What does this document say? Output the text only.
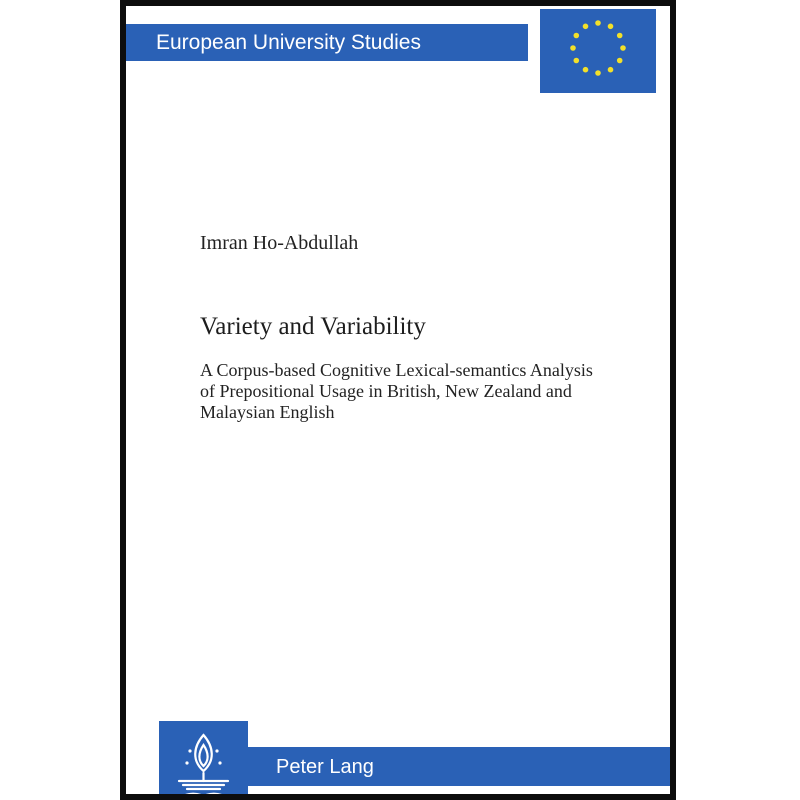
European University Studies
Imran Ho-Abdullah
Variety and Variability
A Corpus-based Cognitive Lexical-semantics Analysis
of Prepositional Usage in British, New Zealand and
Malaysian English
Peter Lang
